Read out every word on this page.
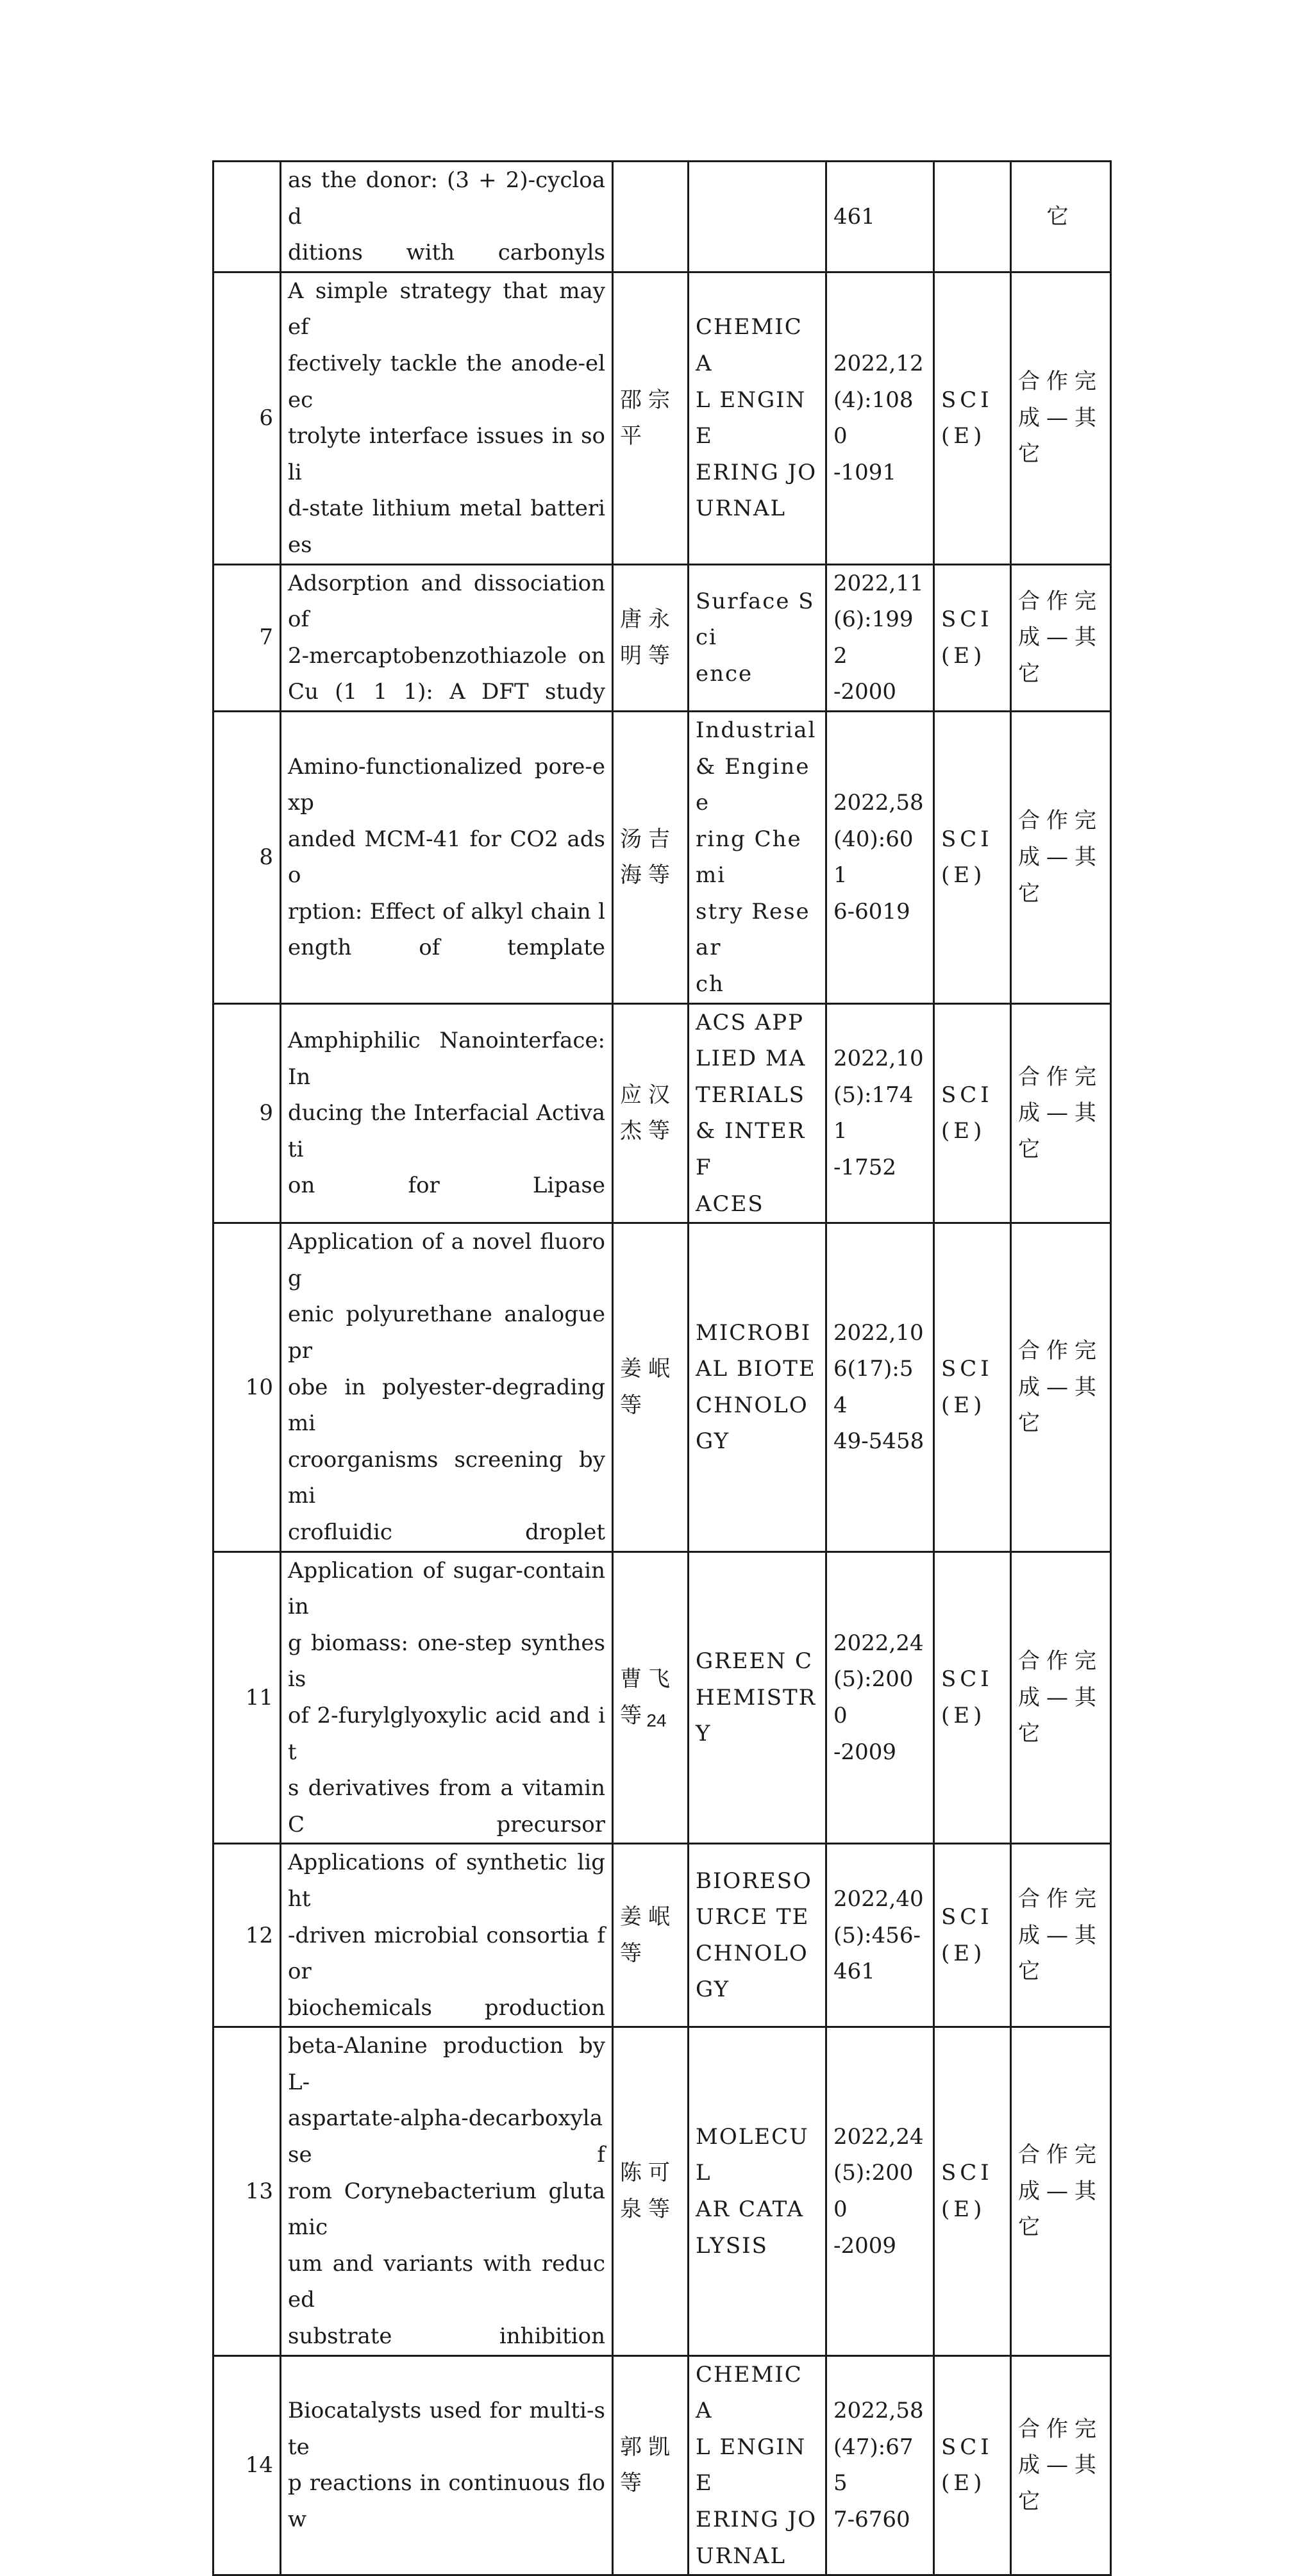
	as the donor: (3 + 2)-cycload
ditions with carbonyls			461		它

6	A simple strategy that may ef
fectively tackle the anode-elec
trolyte interface issues in soli
d-state lithium metal batteries	邵宗
平	CHEMICA
L ENGINE
ERING JO
URNAL	2022,12
(4):1080
-1091	SCI
(E)	合作完
成—其
它

7	Adsorption and dissociation of
2-mercaptobenzothiazole on
Cu (1 1 1): A DFT study	唐永
明等	Surface Sci
ence	2022,11
(6):1992
-2000	SCI
(E)	合作完
成—其
它

8	Amino-functionalized pore-exp
anded MCM-41 for CO2 adso
rption: Effect of alkyl chain l
ength of template	汤吉
海等	Industrial
& Enginee
ring Chemi
stry Resear
ch	2022,58
(40):601
6-6019	SCI
(E)	合作完
成—其
它

9	Amphiphilic Nanointerface: In
ducing the Interfacial Activati
on for Lipase	应汉
杰等	ACS APP
LIED MA
TERIALS
& INTERF
ACES	2022,10
(5):1741
-1752	SCI
(E)	合作完
成—其
它

10	Application of a novel fluorog
enic polyurethane analogue pr
obe in polyester-degrading mi
croorganisms screening by mi
crofluidic droplet	姜岷
等	MICROBI
AL BIOTE
CHNOLO
GY	2022,10
6(17):54
49-5458	SCI
(E)	合作完
成—其
它

11	Application of sugar-containin
g biomass: one-step synthesis
of 2-furylglyoxylic acid and it
s derivatives from a vitamin
C precursor	曹飞
等	GREEN C
HEMISTR
Y	2022,24
(5):2000
-2009	SCI
(E)	合作完
成—其
它

12	Applications of synthetic light
-driven microbial consortia for
biochemicals production	姜岷
等	BIORESO
URCE TE
CHNOLO
GY	2022,40
(5):456-
461	SCI
(E)	合作完
成—其
它

13	beta-Alanine production by L-
aspartate-alpha-decarboxylase f
rom Corynebacterium glutamic
um and variants with reduced
substrate inhibition	陈可
泉等	MOLECUL
AR CATA
LYSIS	2022,24
(5):2000
-2009	SCI
(E)	合作完
成—其
它

14	Biocatalysts used for multi-ste
p reactions in continuous flow	郭凯
等	CHEMICA
L ENGINE
ERING JO
URNAL	2022,58
(47):675
7-6760	SCI
(E)	合作完
成—其
它
24
